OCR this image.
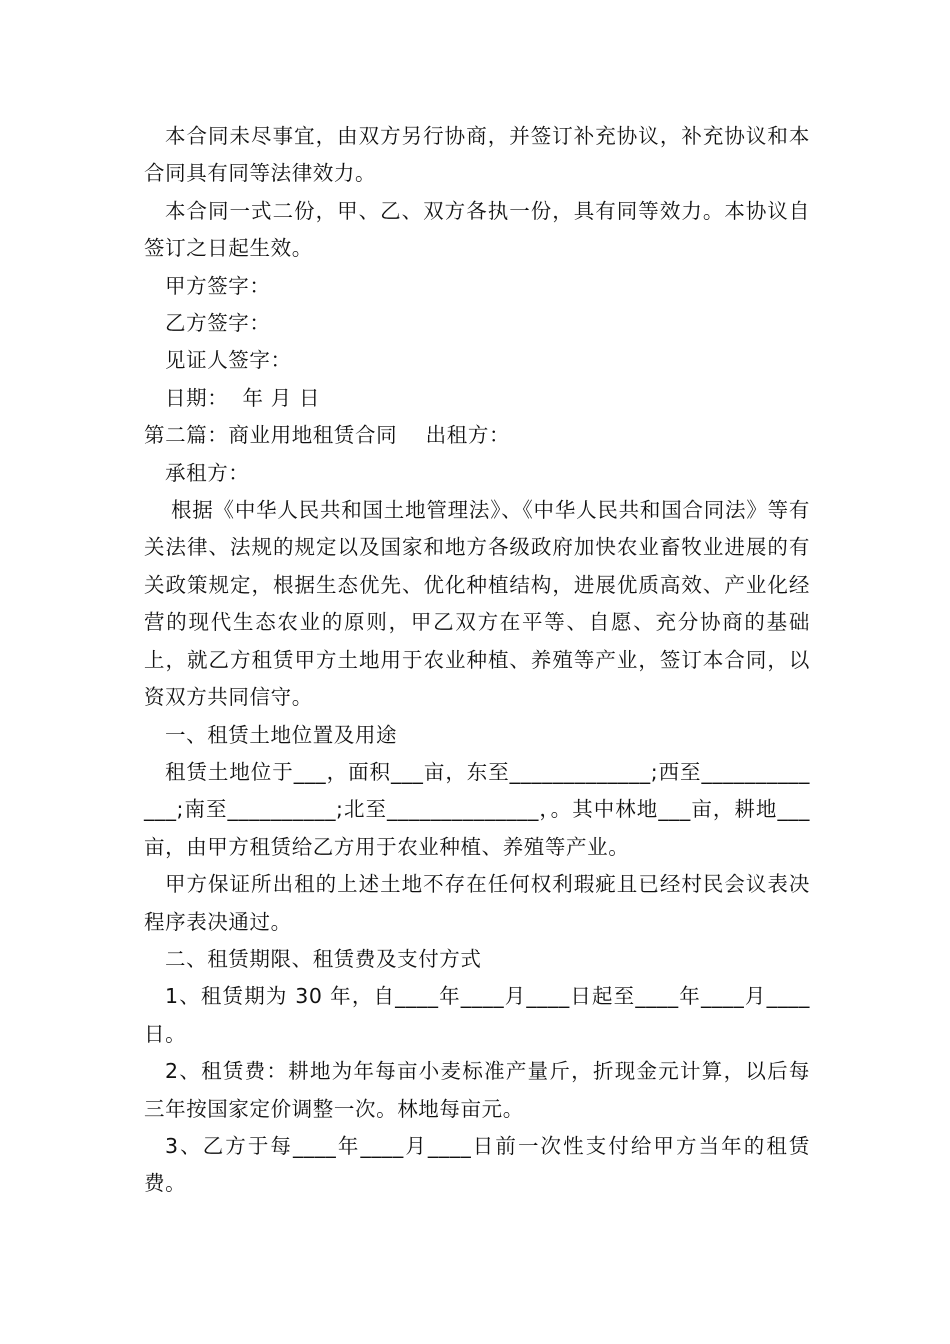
本合同未尽事宜，由双方另行协商，并签订补充协议，补充协议和本合同具有同等法律效力。

本合同一式二份，甲、乙、双方各执一份，具有同等效力。本协议自签订之日起生效。

甲方签字：

乙方签字：

见证人签字：

日期：  年 月 日

第二篇：商业用地租赁合同    出租方：

承租方：

根据《中华人民共和国土地管理法》、《中华人民共和国合同法》等有关法律、法规的规定以及国家和地方各级政府加快农业畜牧业进展的有关政策规定，根据生态优先、优化种植结构，进展优质高效、产业化经营的现代生态农业的原则，甲乙双方在平等、自愿、充分协商的基础上，就乙方租赁甲方土地用于农业种植、养殖等产业，签订本合同，以资双方共同信守。

一、租赁土地位置及用途

租赁土地位于___，面积___亩，东至_____________;西至_____________;南至__________;北至______________，。其中林地___亩，耕地___亩，由甲方租赁给乙方用于农业种植、养殖等产业。

甲方保证所出租的上述土地不存在任何权利瑕疵且已经村民会议表决程序表决通过。

二、租赁期限、租赁费及支付方式

1、租赁期为 30 年，自____年____月____日起至____年____月____日。

2、租赁费：耕地为年每亩小麦标准产量斤，折现金元计算，以后每三年按国家定价调整一次。林地每亩元。

3、乙方于每____年____月____日前一次性支付给甲方当年的租赁费。
